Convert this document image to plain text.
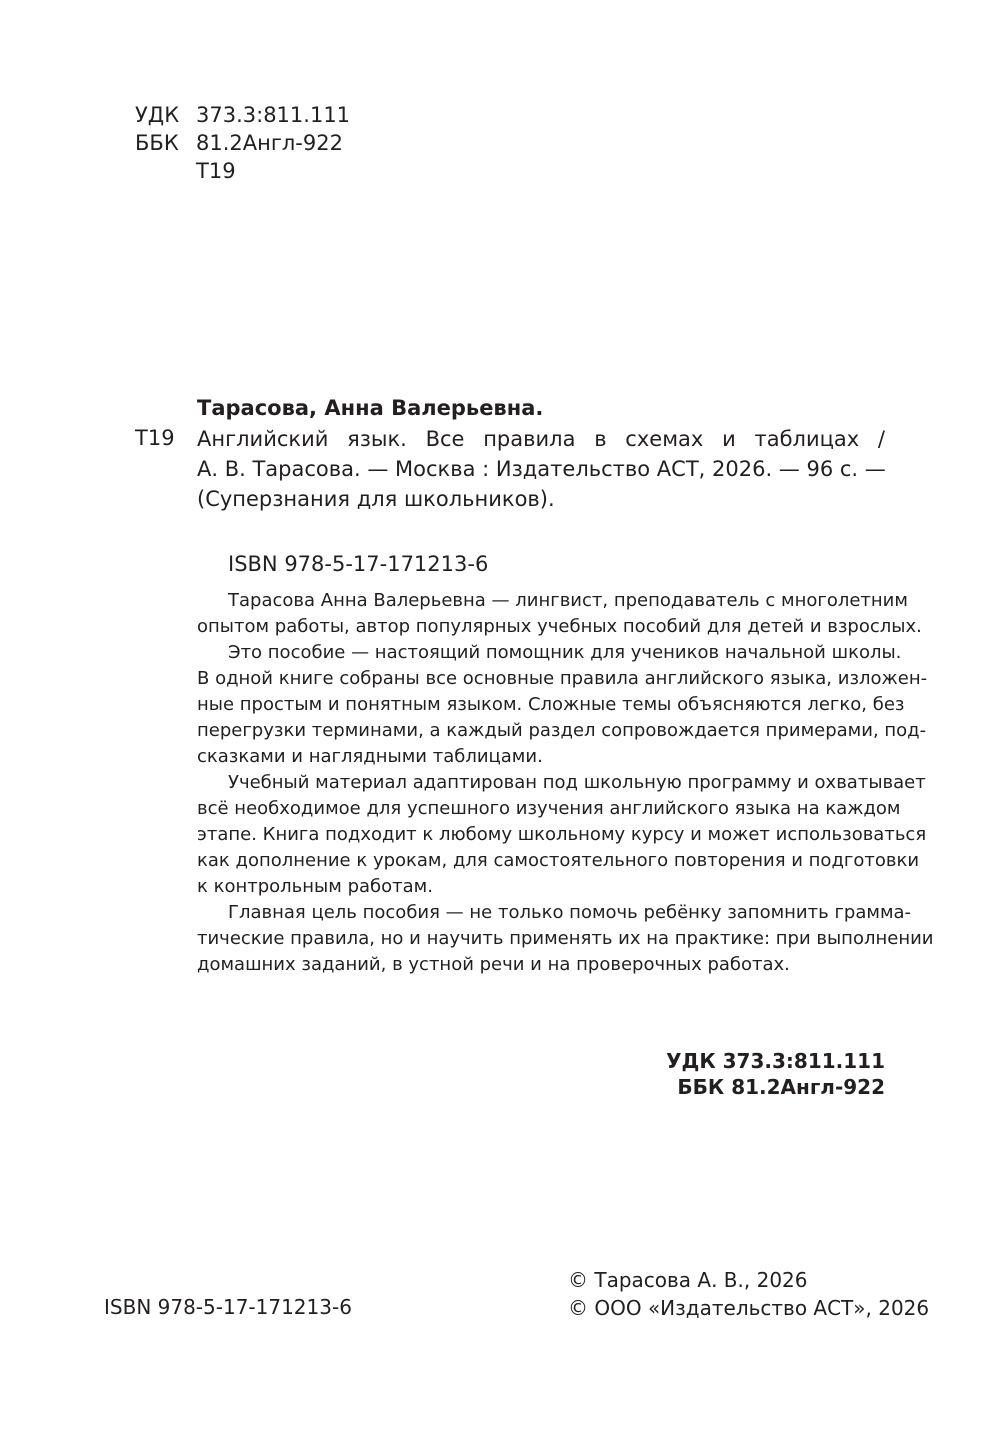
УДК 373.3:811.111
ББК 81.2Англ-922
Т19
Тарасова, Анна Валерьевна.
Т19 Английский язык. Все правила в схемах и таблицах /
А. В. Тарасова. — Москва : Издательство АСТ, 2026. — 96 с. —
(Суперзнания для школьников).
ISBN 978-5-17-171213-6

Тарасова Анна Валерьевна — лингвист, преподаватель с многолетним
опытом работы, автор популярных учебных пособий для детей и взрослых.

Это пособие — настоящий помощник для учеников начальной школы.
В одной книге собраны все основные правила английского языка, изложен-
ные простым и понятным языком. Сложные темы объясняются легко, без
перегрузки терминами, а каждый раздел сопровождается примерами, под-
сказками и наглядными таблицами.

Учебный материал адаптирован под школьную программу и охватывает
всё необходимое для успешного изучения английского языка на каждом
этапе. Книга подходит к любому школьному курсу и может использоваться
как дополнение к урокам, для самостоятельного повторения и подготовки
к контрольным работам.

Главная цель пособия — не только помочь ребёнку запомнить грамма-
тические правила, но и научить применять их на практике: при выполнении
домашних заданий, в устной речи и на проверочных работах.

УДК 373.3:811.111
ББК 81.2Англ-922
ISBN 978-5-17-171213-6
© Тарасова А. В., 2026
© ООО «Издательство АСТ», 2026
